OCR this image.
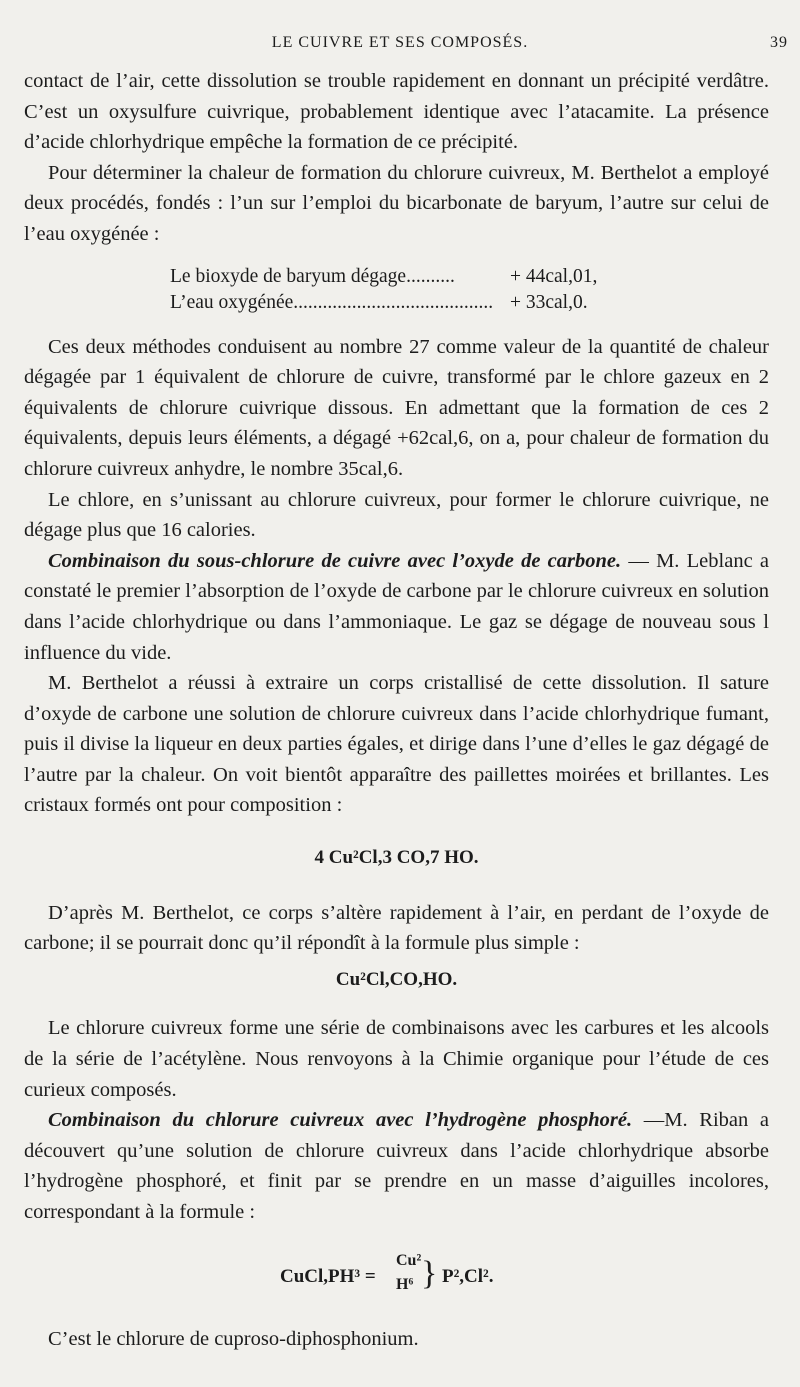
LE CUIVRE ET SES COMPOSÉS.	39

contact de l’air, cette dissolution se trouble rapidement en donnant un précipité verdâtre. C’est un oxysulfure cuivrique, probablement identique avec l’atacamite. La présence d’acide chlorhydrique empêche la formation de ce précipité.

Pour déterminer la chaleur de formation du chlorure cuivreux, M. Berthelot a employé deux procédés, fondés : l’un sur l’emploi du bicarbonate de baryum, l’autre sur celui de l’eau oxygénée :

Le bioxyde de baryum dégage..........	+ 44cal,01,
L’eau oxygénée......................................... + 33cal,0.

Ces deux méthodes conduisent au nombre 27 comme valeur de la quantité de chaleur dégagée par 1 équivalent de chlorure de cuivre, transformé par le chlore gazeux en 2 équivalents de chlorure cuivrique dissous. En admettant que la formation de ces 2 équivalents, depuis leurs éléments, a dégagé +62cal,6, on a, pour chaleur de formation du chlorure cuivreux anhydre, le nombre 35cal,6.

Le chlore, en s’unissant au chlorure cuivreux, pour former le chlorure cuivrique, ne dégage plus que 16 calories.

Combinaison du sous-chlorure de cuivre avec l’oxyde de carbone. — M. Leblanc a constaté le premier l’absorption de l’oxyde de carbone par le chlorure cuivreux en solution dans l’acide chlorhydrique ou dans l’ammoniaque. Le gaz se dégage de nouveau sous l influence du vide.

M. Berthelot a réussi à extraire un corps cristallisé de cette dissolution. Il sature d’oxyde de carbone une solution de chlorure cuivreux dans l’acide chlorhydrique fumant, puis il divise la liqueur en deux parties égales, et dirige dans l’une d’elles le gaz dégagé de l’autre par la chaleur. On voit bientôt apparaître des paillettes moirées et brillantes. Les cristaux formés ont pour composition :

4 Cu²Cl,3 CO,7 HO.

D’après M. Berthelot, ce corps s’altère rapidement à l’air, en perdant de l’oxyde de carbone; il se pourrait donc qu’il répondît à la formule plus simple :

Cu²Cl,CO,HO.

Le chlorure cuivreux forme une série de combinaisons avec les carbures et les alcools de la série de l’acétylène. Nous renvoyons à la Chimie organique pour l’étude de ces curieux composés.

Combinaison du chlorure cuivreux avec l’hydrogène phosphoré. —M. Riban a découvert qu’une solution de chlorure cuivreux dans l’acide chlorhydrique absorbe l’hydrogène phosphoré, et finit par se prendre en un masse d’aiguilles incolores, correspondant à la formule :

CuCl,PH³ =
Cu²
H⁶ } P²,Cl².

C’est le chlorure de cuproso-diphosphonium.
